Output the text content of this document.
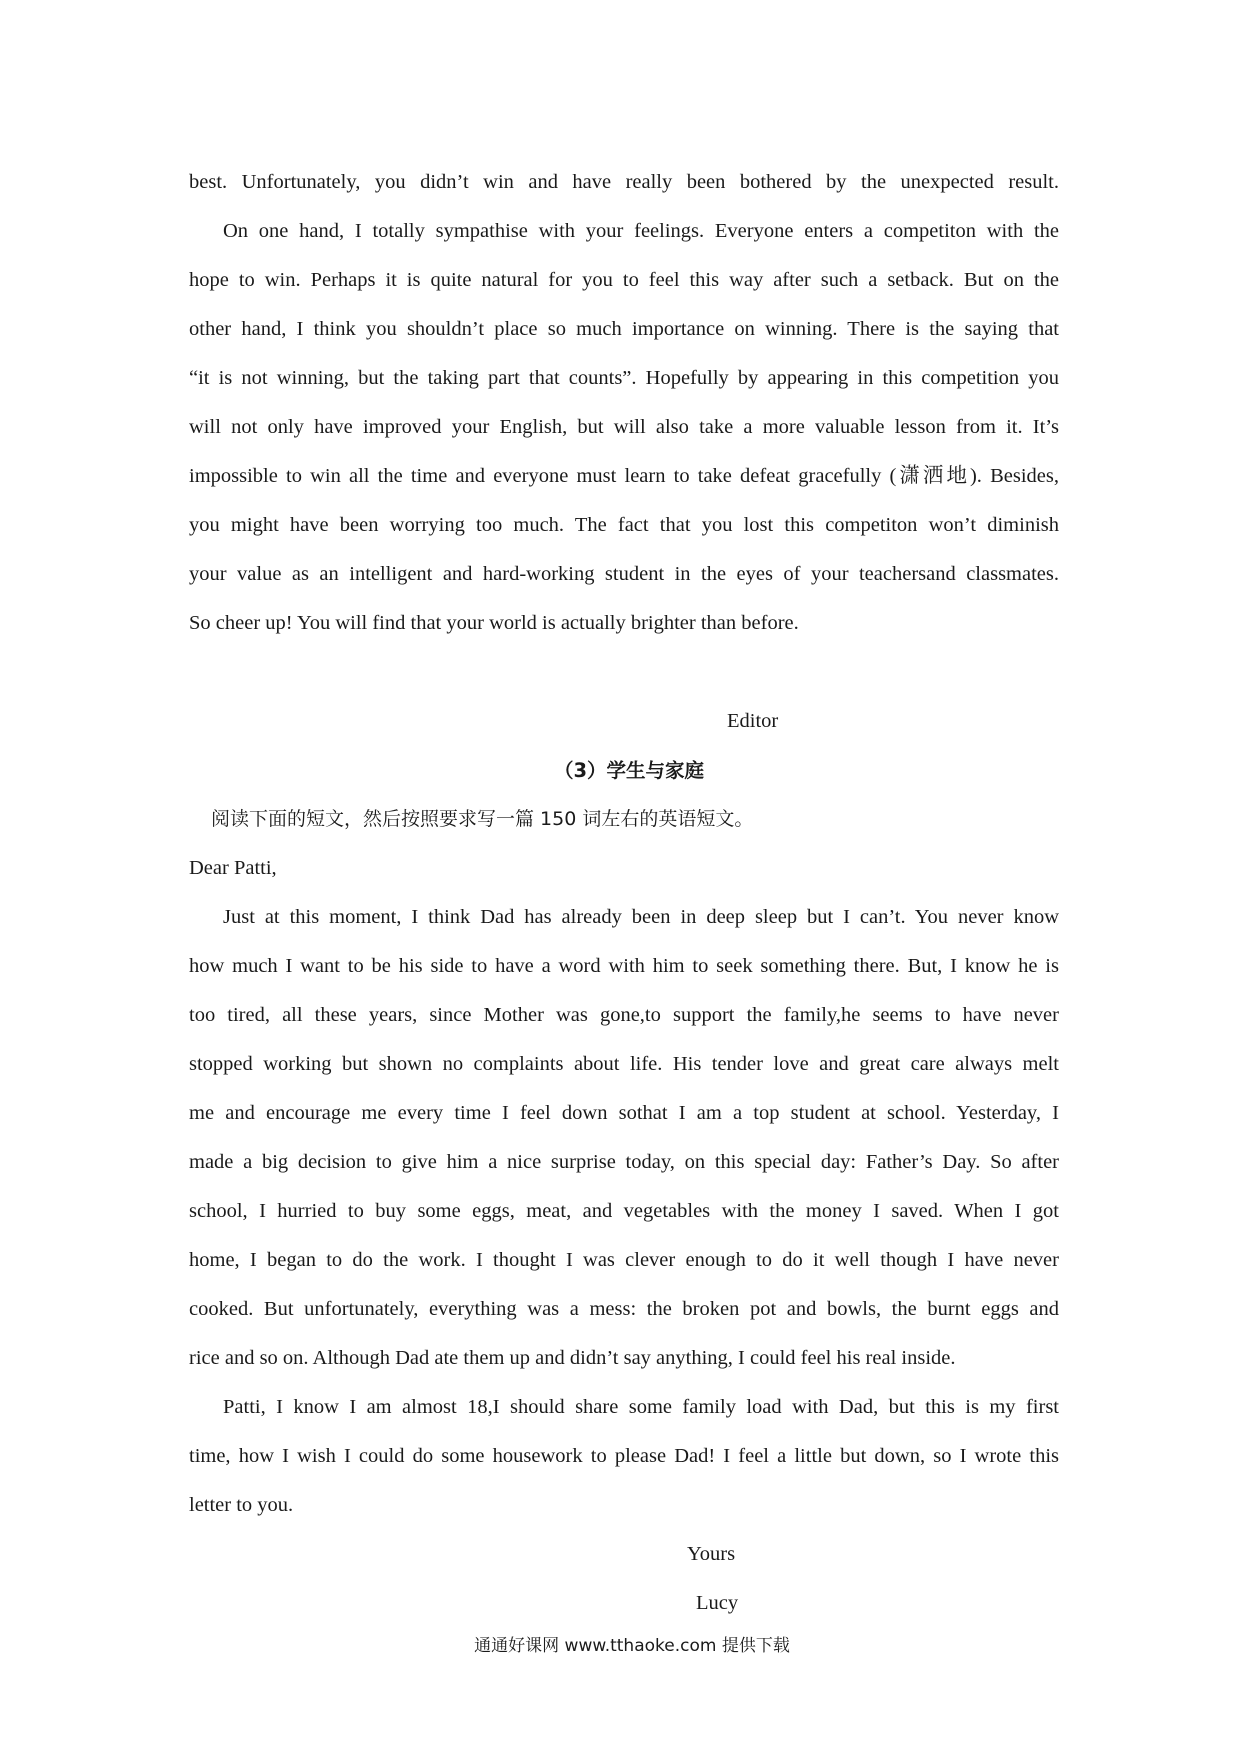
best. Unfortunately, you didn’t win and have really been bothered by the unexpected result.
On one hand, I totally sympathise with your feelings. Everyone enters a competiton with the
hope to win. Perhaps it is quite natural for you to feel this way after such a setback. But on the
other hand, I think you shouldn’t place so much importance on winning. There is the saying that
“it is not winning, but the taking part that counts”. Hopefully by appearing in this competition you
will not only have improved your English, but will also take a more valuable lesson from it. It’s
impossible to win all the time and everyone must learn to take defeat gracefully (潇洒地). Besides,
you might have been worrying too much. The fact that you lost this competiton won’t diminish
your value as an intelligent and hard-working student in the eyes of your teachersand classmates.
So cheer up! You will find that your world is actually brighter than before.
Editor
（3）学生与家庭
阅读下面的短文，然后按照要求写一篇 150 词左右的英语短文。
Dear Patti,
Just at this moment, I think Dad has already been in deep sleep but I can’t. You never know
how much I want to be his side to have a word with him to seek something there. But, I know he is
too tired, all these years, since Mother was gone,to support the family,he seems to have never
stopped working but shown no complaints about life. His tender love and great care always melt
me and encourage me every time I feel down sothat I am a top student at school. Yesterday, I
made a big decision to give him a nice surprise today, on this special day: Father’s Day. So after
school, I hurried to buy some eggs, meat, and vegetables with the money I saved. When I got
home, I began to do the work. I thought I was clever enough to do it well though I have never
cooked. But unfortunately, everything was a mess: the broken pot and bowls, the burnt eggs and
rice and so on. Although Dad ate them up and didn’t say anything, I could feel his real inside.
Patti, I know I am almost 18,I should share some family load with Dad, but this is my first
time, how I wish I could do some housework to please Dad! I feel a little but down, so I wrote this
letter to you.
Yours
Lucy
通通好课网 www.tthaoke.com 提供下载
